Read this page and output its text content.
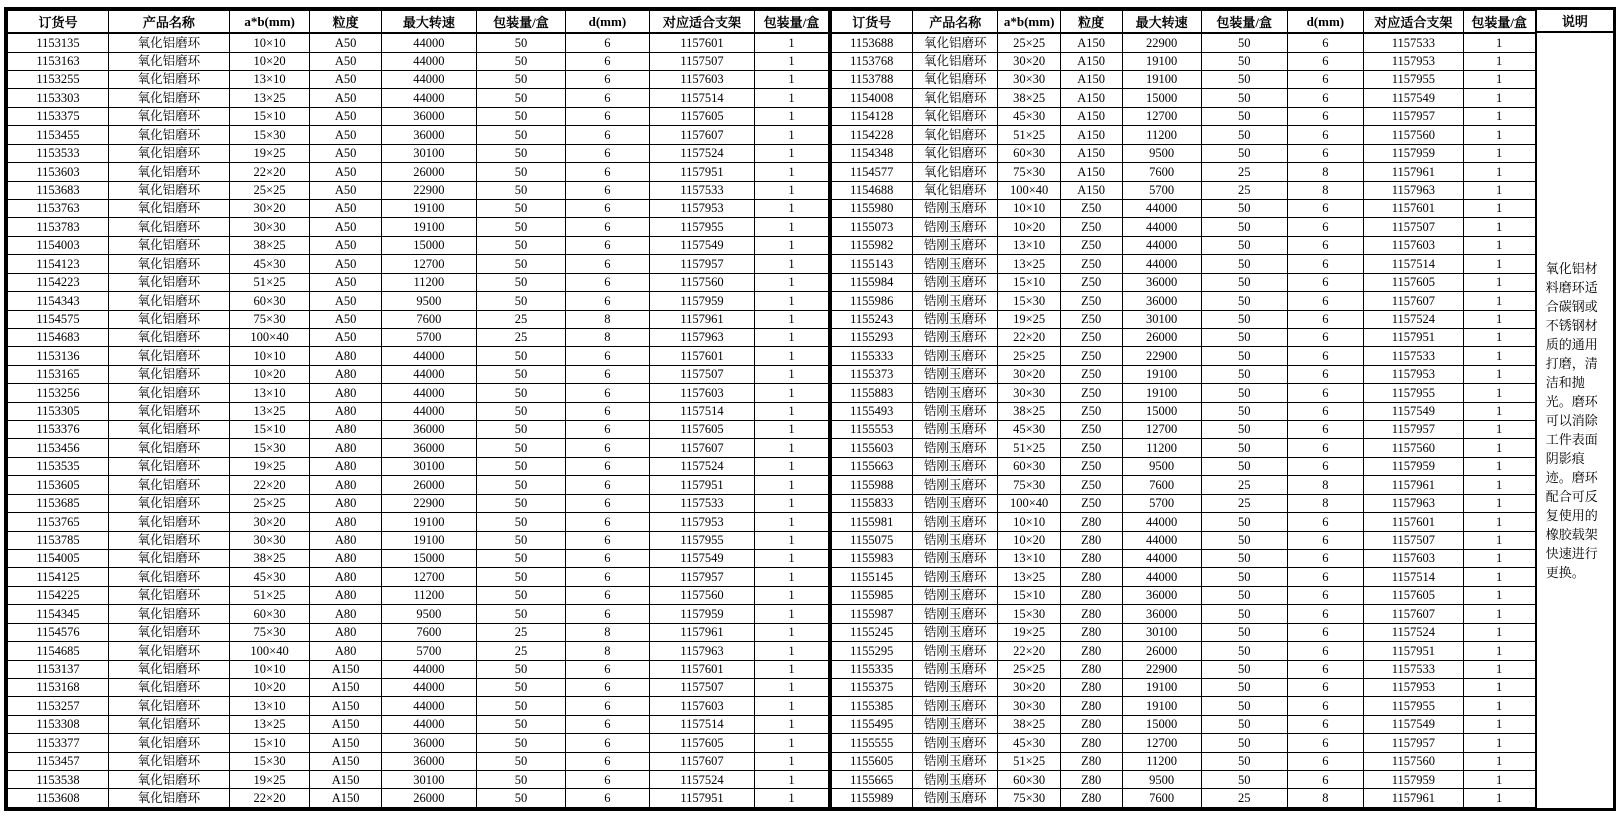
订货号	产品名称	a*b(mm)	粒度	最大转速	包装量/盒	d(mm)	对应适合支架	包装量/盒
1153135	氧化铝磨环	10×10	A50	44000	50	6	1157601	1
1153163	氧化铝磨环	10×20	A50	44000	50	6	1157507	1
1153255	氧化铝磨环	13×10	A50	44000	50	6	1157603	1
1153303	氧化铝磨环	13×25	A50	44000	50	6	1157514	1
1153375	氧化铝磨环	15×10	A50	36000	50	6	1157605	1
1153455	氧化铝磨环	15×30	A50	36000	50	6	1157607	1
1153533	氧化铝磨环	19×25	A50	30100	50	6	1157524	1
1153603	氧化铝磨环	22×20	A50	26000	50	6	1157951	1
1153683	氧化铝磨环	25×25	A50	22900	50	6	1157533	1
1153763	氧化铝磨环	30×20	A50	19100	50	6	1157953	1
1153783	氧化铝磨环	30×30	A50	19100	50	6	1157955	1
1154003	氧化铝磨环	38×25	A50	15000	50	6	1157549	1
1154123	氧化铝磨环	45×30	A50	12700	50	6	1157957	1
1154223	氧化铝磨环	51×25	A50	11200	50	6	1157560	1
1154343	氧化铝磨环	60×30	A50	9500	50	6	1157959	1
1154575	氧化铝磨环	75×30	A50	7600	25	8	1157961	1
1154683	氧化铝磨环	100×40	A50	5700	25	8	1157963	1
1153136	氧化铝磨环	10×10	A80	44000	50	6	1157601	1
1153165	氧化铝磨环	10×20	A80	44000	50	6	1157507	1
1153256	氧化铝磨环	13×10	A80	44000	50	6	1157603	1
1153305	氧化铝磨环	13×25	A80	44000	50	6	1157514	1
1153376	氧化铝磨环	15×10	A80	36000	50	6	1157605	1
1153456	氧化铝磨环	15×30	A80	36000	50	6	1157607	1
1153535	氧化铝磨环	19×25	A80	30100	50	6	1157524	1
1153605	氧化铝磨环	22×20	A80	26000	50	6	1157951	1
1153685	氧化铝磨环	25×25	A80	22900	50	6	1157533	1
1153765	氧化铝磨环	30×20	A80	19100	50	6	1157953	1
1153785	氧化铝磨环	30×30	A80	19100	50	6	1157955	1
1154005	氧化铝磨环	38×25	A80	15000	50	6	1157549	1
1154125	氧化铝磨环	45×30	A80	12700	50	6	1157957	1
1154225	氧化铝磨环	51×25	A80	11200	50	6	1157560	1
1154345	氧化铝磨环	60×30	A80	9500	50	6	1157959	1
1154576	氧化铝磨环	75×30	A80	7600	25	8	1157961	1
1154685	氧化铝磨环	100×40	A80	5700	25	8	1157963	1
1153137	氧化铝磨环	10×10	A150	44000	50	6	1157601	1
1153168	氧化铝磨环	10×20	A150	44000	50	6	1157507	1
1153257	氧化铝磨环	13×10	A150	44000	50	6	1157603	1
1153308	氧化铝磨环	13×25	A150	44000	50	6	1157514	1
1153377	氧化铝磨环	15×10	A150	36000	50	6	1157605	1
1153457	氧化铝磨环	15×30	A150	36000	50	6	1157607	1
1153538	氧化铝磨环	19×25	A150	30100	50	6	1157524	1
1153608	氧化铝磨环	22×20	A150	26000	50	6	1157951	1
订货号	产品名称	a*b(mm)	粒度	最大转速	包装量/盒	d(mm)	对应适合支架	包装量/盒
1153688	氧化铝磨环	25×25	A150	22900	50	6	1157533	1
1153768	氧化铝磨环	30×20	A150	19100	50	6	1157953	1
1153788	氧化铝磨环	30×30	A150	19100	50	6	1157955	1
1154008	氧化铝磨环	38×25	A150	15000	50	6	1157549	1
1154128	氧化铝磨环	45×30	A150	12700	50	6	1157957	1
1154228	氧化铝磨环	51×25	A150	11200	50	6	1157560	1
1154348	氧化铝磨环	60×30	A150	9500	50	6	1157959	1
1154577	氧化铝磨环	75×30	A150	7600	25	8	1157961	1
1154688	氧化铝磨环	100×40	A150	5700	25	8	1157963	1
1155980	锆刚玉磨环	10×10	Z50	44000	50	6	1157601	1
1155073	锆刚玉磨环	10×20	Z50	44000	50	6	1157507	1
1155982	锆刚玉磨环	13×10	Z50	44000	50	6	1157603	1
1155143	锆刚玉磨环	13×25	Z50	44000	50	6	1157514	1
1155984	锆刚玉磨环	15×10	Z50	36000	50	6	1157605	1
1155986	锆刚玉磨环	15×30	Z50	36000	50	6	1157607	1
1155243	锆刚玉磨环	19×25	Z50	30100	50	6	1157524	1
1155293	锆刚玉磨环	22×20	Z50	26000	50	6	1157951	1
1155333	锆刚玉磨环	25×25	Z50	22900	50	6	1157533	1
1155373	锆刚玉磨环	30×20	Z50	19100	50	6	1157953	1
1155883	锆刚玉磨环	30×30	Z50	19100	50	6	1157955	1
1155493	锆刚玉磨环	38×25	Z50	15000	50	6	1157549	1
1155553	锆刚玉磨环	45×30	Z50	12700	50	6	1157957	1
1155603	锆刚玉磨环	51×25	Z50	11200	50	6	1157560	1
1155663	锆刚玉磨环	60×30	Z50	9500	50	6	1157959	1
1155988	锆刚玉磨环	75×30	Z50	7600	25	8	1157961	1
1155833	锆刚玉磨环	100×40	Z50	5700	25	8	1157963	1
1155981	锆刚玉磨环	10×10	Z80	44000	50	6	1157601	1
1155075	锆刚玉磨环	10×20	Z80	44000	50	6	1157507	1
1155983	锆刚玉磨环	13×10	Z80	44000	50	6	1157603	1
1155145	锆刚玉磨环	13×25	Z80	44000	50	6	1157514	1
1155985	锆刚玉磨环	15×10	Z80	36000	50	6	1157605	1
1155987	锆刚玉磨环	15×30	Z80	36000	50	6	1157607	1
1155245	锆刚玉磨环	19×25	Z80	30100	50	6	1157524	1
1155295	锆刚玉磨环	22×20	Z80	26000	50	6	1157951	1
1155335	锆刚玉磨环	25×25	Z80	22900	50	6	1157533	1
1155375	锆刚玉磨环	30×20	Z80	19100	50	6	1157953	1
1155385	锆刚玉磨环	30×30	Z80	19100	50	6	1157955	1
1155495	锆刚玉磨环	38×25	Z80	15000	50	6	1157549	1
1155555	锆刚玉磨环	45×30	Z80	12700	50	6	1157957	1
1155605	锆刚玉磨环	51×25	Z80	11200	50	6	1157560	1
1155665	锆刚玉磨环	60×30	Z80	9500	50	6	1157959	1
1155989	锆刚玉磨环	75×30	Z80	7600	25	8	1157961	1
说明
氧化铝材料磨环适合碳钢或不锈钢材质的通用打磨，清洁和抛光。磨环可以消除工件表面阴影痕迹。磨环配合可反复使用的橡胶载架快速进行更换。
